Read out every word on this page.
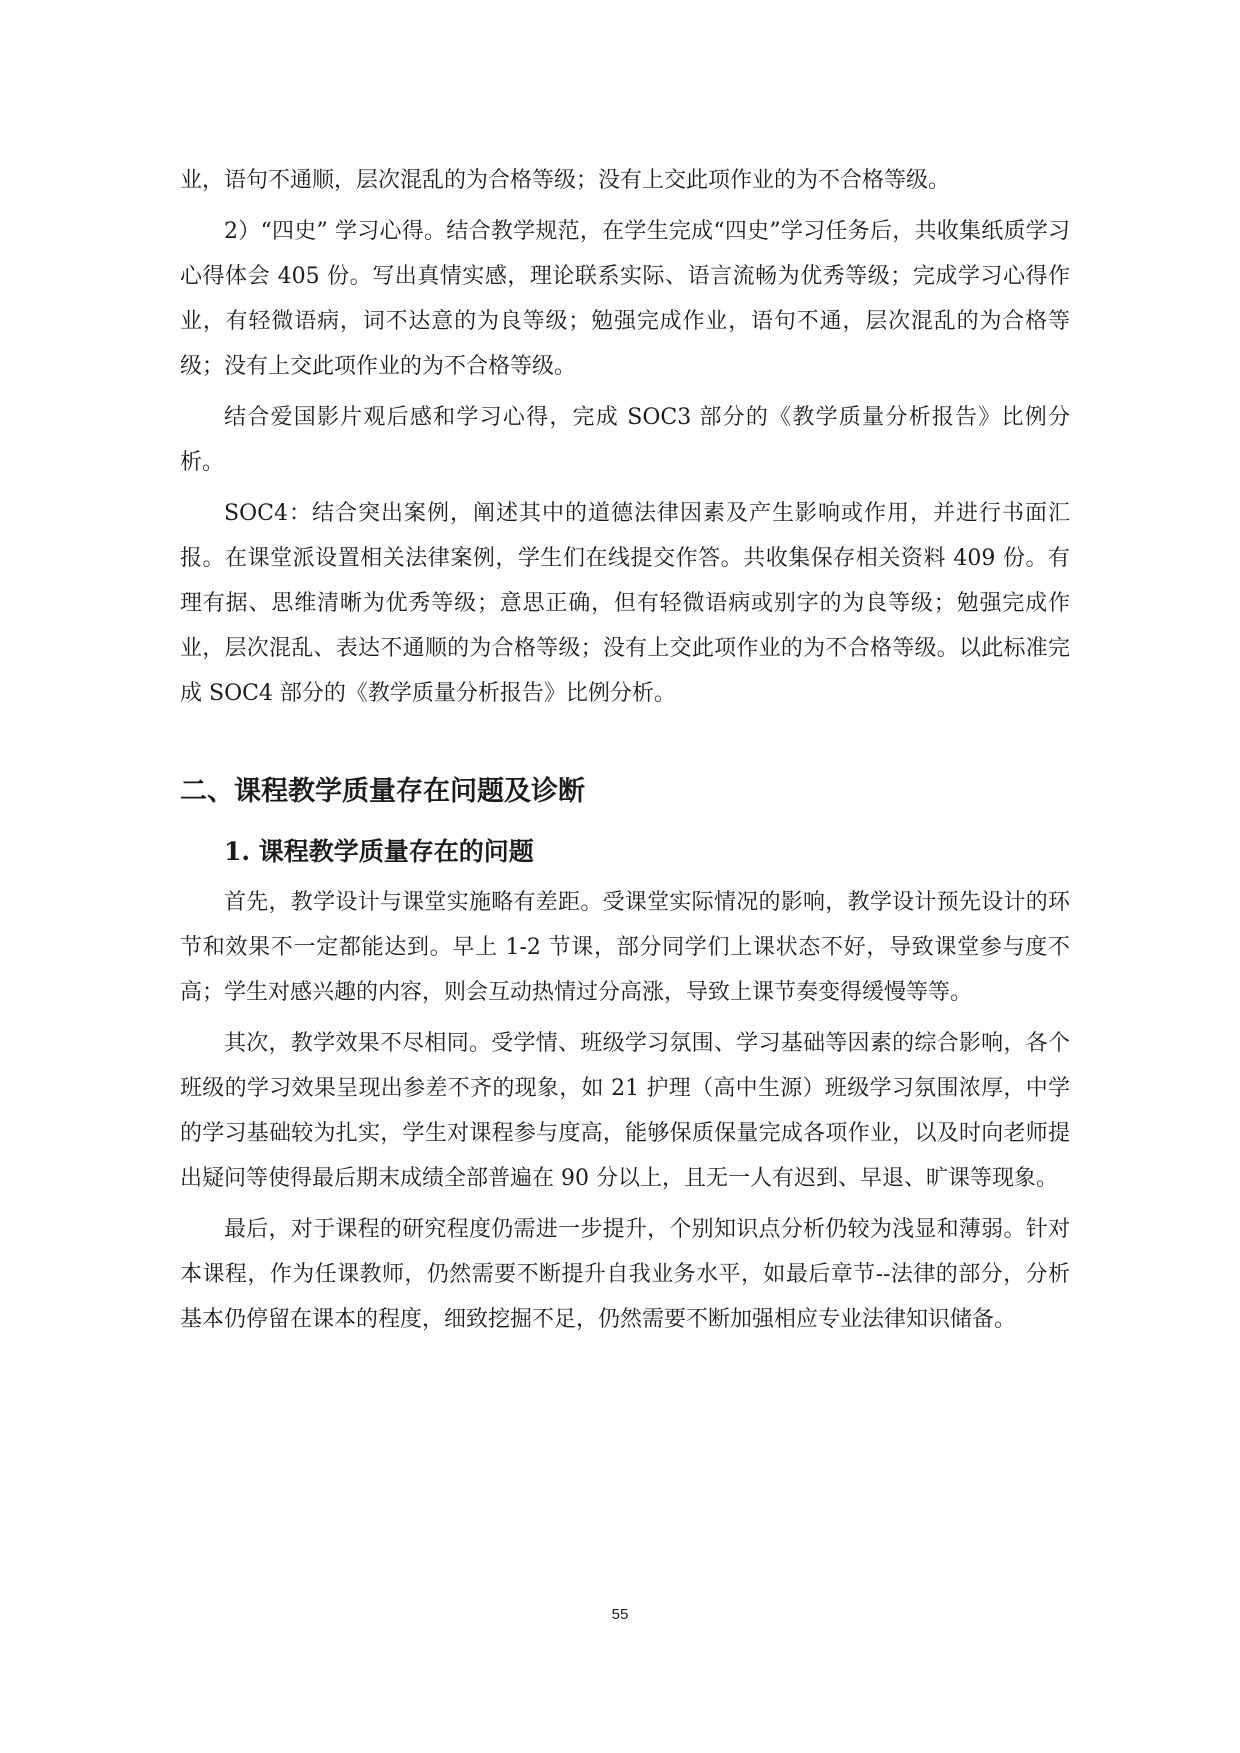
业，语句不通顺，层次混乱的为合格等级；没有上交此项作业的为不合格等级。

2）“四史” 学习心得。结合教学规范，在学生完成“四史”学习任务后，共收集纸质学习心得体会 405 份。写出真情实感，理论联系实际、语言流畅为优秀等级；完成学习心得作业，有轻微语病，词不达意的为良等级；勉强完成作业，语句不通，层次混乱的为合格等级；没有上交此项作业的为不合格等级。

结合爱国影片观后感和学习心得，完成 SOC3 部分的《教学质量分析报告》比例分析。

SOC4：结合突出案例，阐述其中的道德法律因素及产生影响或作用，并进行书面汇报。在课堂派设置相关法律案例，学生们在线提交作答。共收集保存相关资料 409 份。有理有据、思维清晰为优秀等级；意思正确，但有轻微语病或别字的为良等级；勉强完成作业，层次混乱、表达不通顺的为合格等级；没有上交此项作业的为不合格等级。以此标准完成 SOC4 部分的《教学质量分析报告》比例分析。

二、课程教学质量存在问题及诊断
1. 课程教学质量存在的问题

首先，教学设计与课堂实施略有差距。受课堂实际情况的影响，教学设计预先设计的环节和效果不一定都能达到。早上 1-2 节课，部分同学们上课状态不好，导致课堂参与度不高；学生对感兴趣的内容，则会互动热情过分高涨，导致上课节奏变得缓慢等等。

其次，教学效果不尽相同。受学情、班级学习氛围、学习基础等因素的综合影响，各个班级的学习效果呈现出参差不齐的现象，如 21 护理（高中生源）班级学习氛围浓厚，中学的学习基础较为扎实，学生对课程参与度高，能够保质保量完成各项作业，以及时向老师提出疑问等使得最后期末成绩全部普遍在 90 分以上，且无一人有迟到、早退、旷课等现象。

最后，对于课程的研究程度仍需进一步提升，个别知识点分析仍较为浅显和薄弱。针对本课程，作为任课教师，仍然需要不断提升自我业务水平，如最后章节--法律的部分，分析基本仍停留在课本的程度，细致挖掘不足，仍然需要不断加强相应专业法律知识储备。

55
